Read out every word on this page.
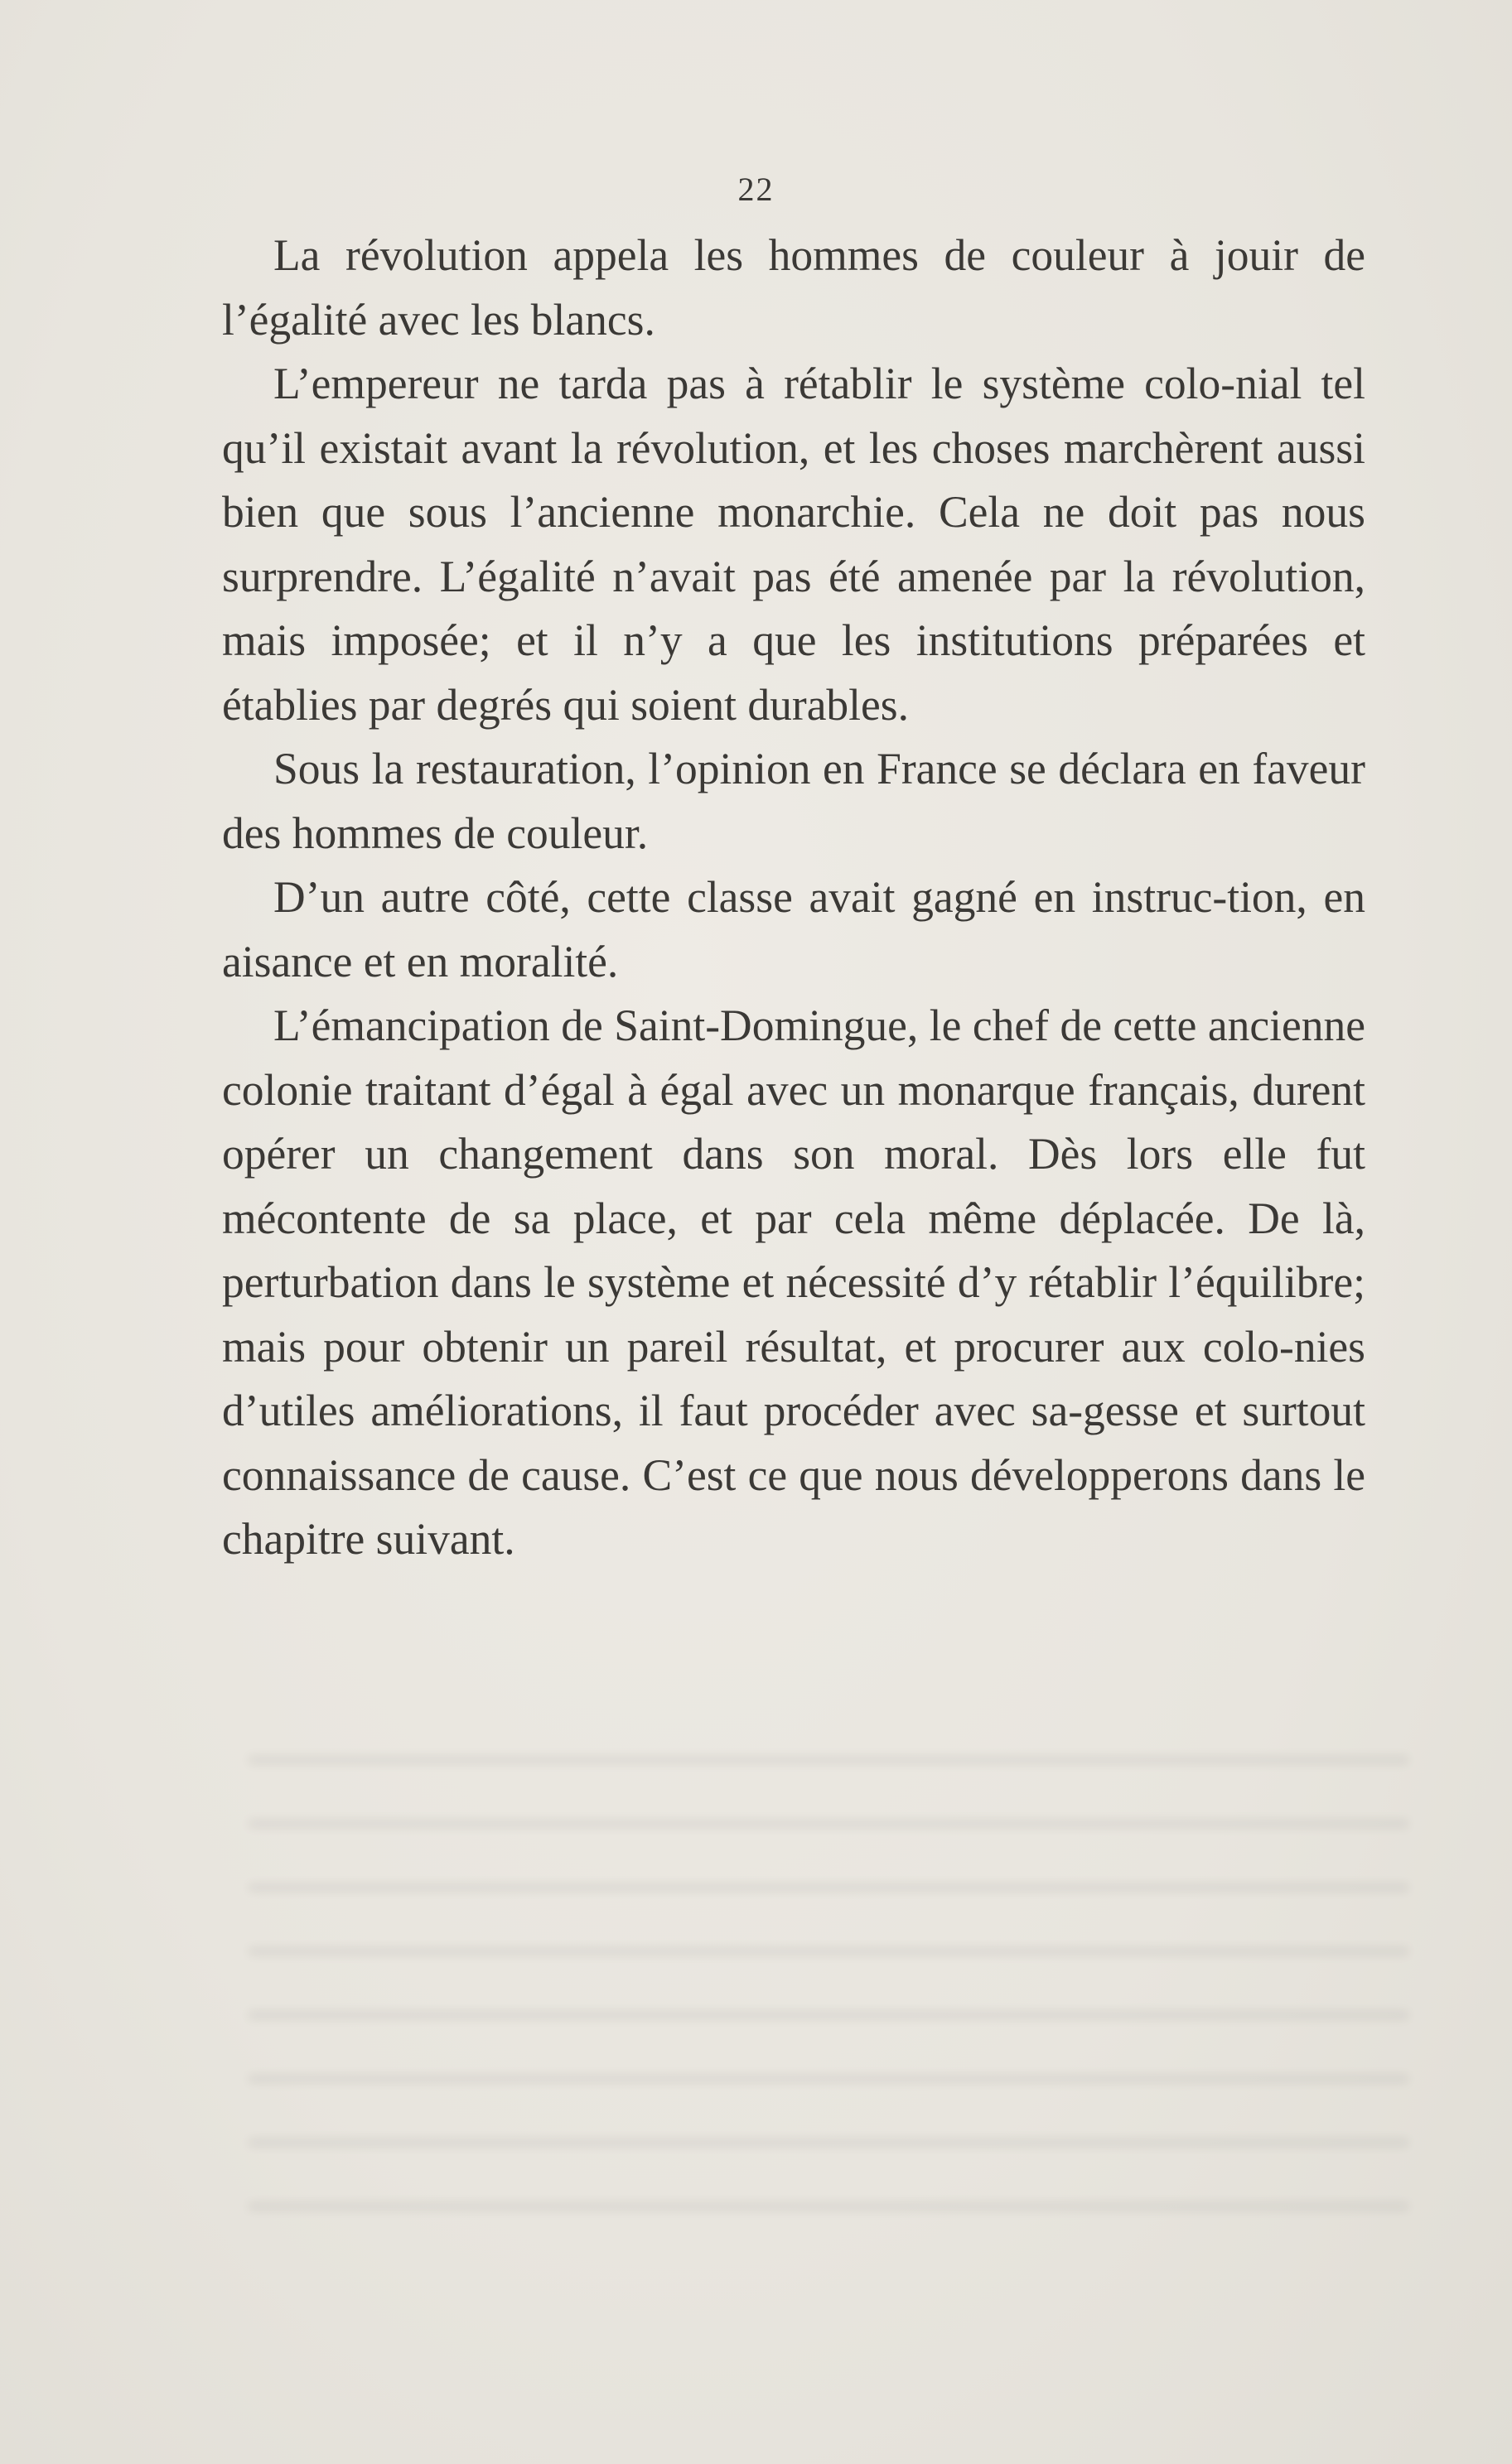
22

La révolution appela les hommes de couleur à jouir de l’égalité avec les blancs.

L’empereur ne tarda pas à rétablir le système colo-nial tel qu’il existait avant la révolution, et les choses marchèrent aussi bien que sous l’ancienne monarchie. Cela ne doit pas nous surprendre. L’égalité n’avait pas été amenée par la révolution, mais imposée; et il n’y a que les institutions préparées et établies par degrés qui soient durables.

Sous la restauration, l’opinion en France se déclara en faveur des hommes de couleur.

D’un autre côté, cette classe avait gagné en instruc-tion, en aisance et en moralité.

L’émancipation de Saint-Domingue, le chef de cette ancienne colonie traitant d’égal à égal avec un monarque français, durent opérer un changement dans son moral. Dès lors elle fut mécontente de sa place, et par cela même déplacée. De là, perturbation dans le système et nécessité d’y rétablir l’équilibre; mais pour obtenir un pareil résultat, et procurer aux colo-nies d’utiles améliorations, il faut procéder avec sa-gesse et surtout connaissance de cause. C’est ce que nous développerons dans le chapitre suivant.
